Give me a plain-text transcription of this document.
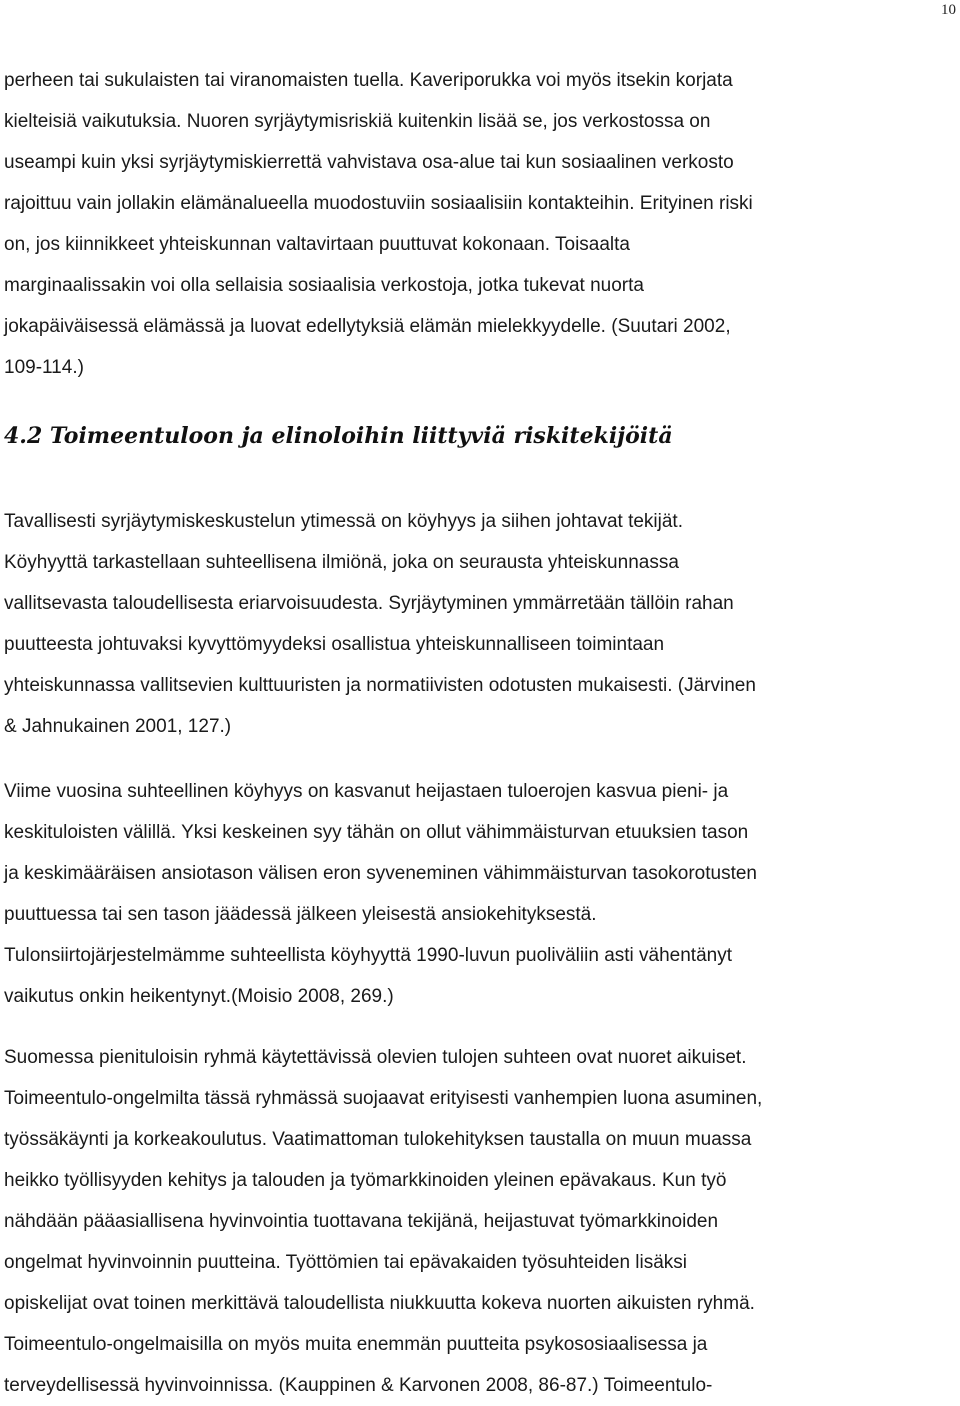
10
perheen tai sukulaisten tai viranomaisten tuella. Kaveriporukka voi myös itsekin korjata
kielteisiä vaikutuksia. Nuoren syrjäytymisriskiä kuitenkin lisää se, jos verkostossa on
useampi kuin yksi syrjäytymiskierrettä vahvistava osa-alue tai kun sosiaalinen verkosto
rajoittuu vain jollakin elämänalueella muodostuviin sosiaalisiin kontakteihin. Erityinen riski
on, jos kiinnikkeet yhteiskunnan valtavirtaan puuttuvat kokonaan. Toisaalta
marginaalissakin voi olla sellaisia sosiaalisia verkostoja, jotka tukevat nuorta
jokapäiväisessä elämässä ja luovat edellytyksiä elämän mielekkyydelle. (Suutari 2002,
109-114.)
4.2 Toimeentuloon ja elinoloihin liittyviä riskitekijöitä
Tavallisesti syrjäytymiskeskustelun ytimessä on köyhyys ja siihen johtavat tekijät.
Köyhyyttä tarkastellaan suhteellisena ilmiönä, joka on seurausta yhteiskunnassa
vallitsevasta taloudellisesta eriarvoisuudesta. Syrjäytyminen ymmärretään tällöin rahan
puutteesta johtuvaksi kyvyttömyydeksi osallistua yhteiskunnalliseen toimintaan
yhteiskunnassa vallitsevien kulttuuristen ja normatiivisten odotusten mukaisesti. (Järvinen
& Jahnukainen 2001, 127.)
Viime vuosina suhteellinen köyhyys on kasvanut heijastaen tuloerojen kasvua pieni- ja
keskituloisten välillä. Yksi keskeinen syy tähän on ollut vähimmäisturvan etuuksien tason
ja keskimääräisen ansiotason välisen eron syveneminen vähimmäisturvan tasokorotusten
puuttuessa tai sen tason jäädessä jälkeen yleisestä ansiokehityksestä.
Tulonsiirtojärjestelmämme suhteellista köyhyyttä 1990-luvun puoliväliin asti vähentänyt
vaikutus onkin heikentynyt.(Moisio 2008, 269.)
Suomessa pienituloisin ryhmä käytettävissä olevien tulojen suhteen ovat nuoret aikuiset.
Toimeentulo-ongelmilta tässä ryhmässä suojaavat erityisesti vanhempien luona asuminen,
työssäkäynti ja korkeakoulutus. Vaatimattoman tulokehityksen taustalla on muun muassa
heikko työllisyyden kehitys ja talouden ja työmarkkinoiden yleinen epävakaus. Kun työ
nähdään pääasiallisena hyvinvointia tuottavana tekijänä, heijastuvat työmarkkinoiden
ongelmat hyvinvoinnin puutteina. Työttömien tai epävakaiden työsuhteiden lisäksi
opiskelijat ovat toinen merkittävä taloudellista niukkuutta kokeva nuorten aikuisten ryhmä.
Toimeentulo-ongelmaisilla on myös muita enemmän puutteita psykososiaalisessa ja
terveydellisessä hyvinvoinnissa. (Kauppinen & Karvonen 2008, 86-87.) Toimeentulo-
